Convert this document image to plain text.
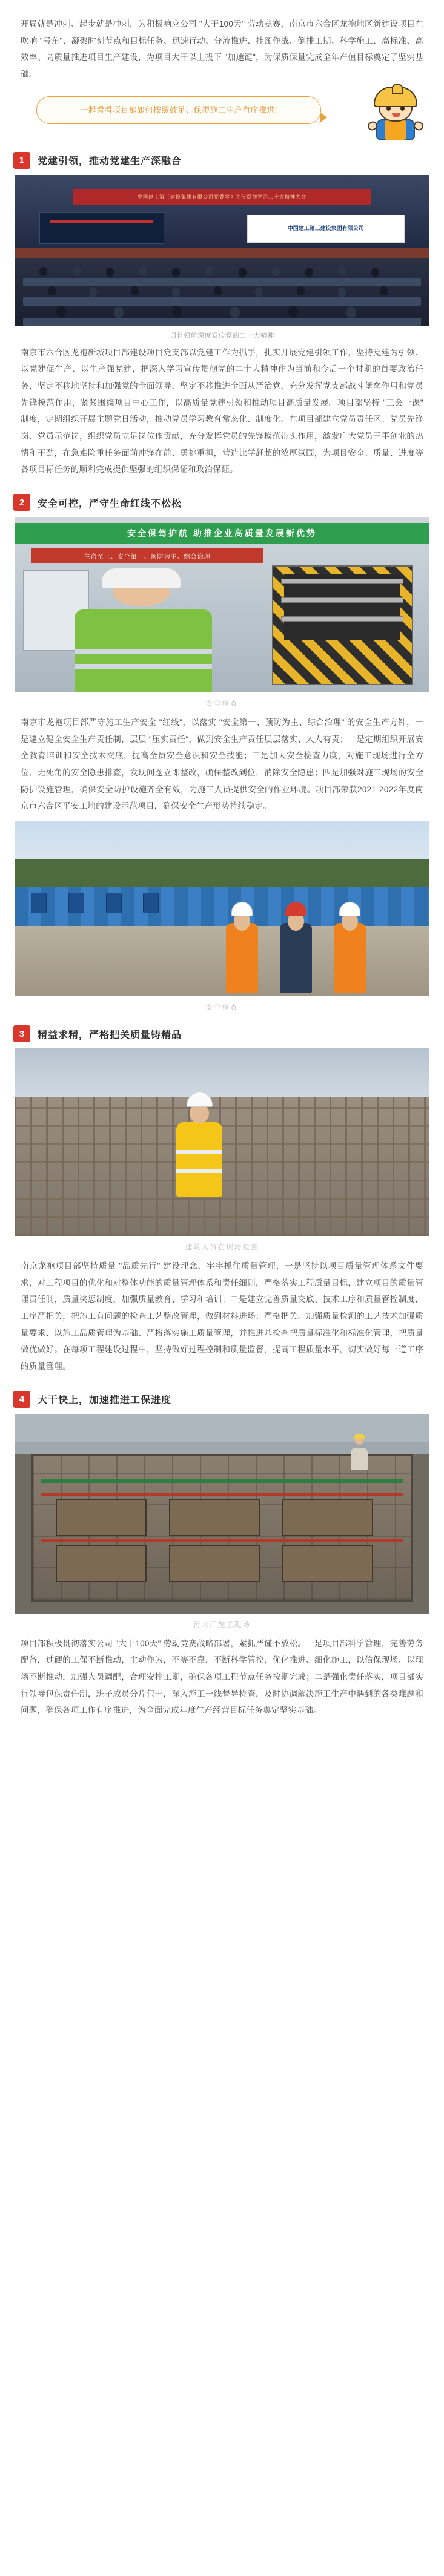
开局就是冲刺、起步就是冲刺，为积极响应公司 "大干100天" 劳动竞赛，南京市六合区龙袍地区新建设项目在吹响 "号角"、凝聚时刻节点和目标任务、迅速行动、分流推进、挂图作战、倒排工期、科学施工、高标准、高效率、高质量推进项目生产建设，为项目大干以上投下 "加速键"，为保质保量完成全年产值目标奠定了坚实基础。

一起看看项目部如何按照鼓足、保提施工生产有序推进!
1	党建引领，推动党建生产深融合
中国建工第三建设集团有限公司党委学习宣传贯彻党的二十大精神大会
中国建工第三建设集团有限公司
项目领航深度宣传党的二十大精神

南京市六合区龙袍新城项目部建设项目党支部以党建工作为抓手，扎实开展党建引领工作，坚持党建为引领、以党建促生产、以生产强党建，把深入学习宣传贯彻党的二十大精神作为当前和今后一个时期的首要政治任务，坚定不移地坚持和加强党的全面领导，坚定不移推进全面从严治党，充分发挥党支部战斗堡垒作用和党员先锋模范作用，紧紧围绕项目中心工作，以高质量党建引领和推动项目高质量发展。项目部坚持 "三会一课" 制度，定期组织开展主题党日活动，推动党员学习教育常态化、制度化。在项目部建立党员责任区、党员先锋岗、党员示范岗，组织党员立足岗位作贡献，充分发挥党员的先锋模范带头作用，激发广大党员干事创业的热情和干劲，在急难险重任务面前冲锋在前、勇挑重担，营造比学赶超的浓厚氛围，为项目安全、质量、进度等各项目标任务的顺利完成提供坚强的组织保证和政治保证。

2	安全可控，严守生命红线不松松
安全保驾护航 助推企业高质量发展新优势
生命至上、安全第一、预防为主、综合治理
安全检查

南京市龙袍项目部严守施工生产安全 "红线"，以落实 "安全第一、预防为主、综合治理" 的安全生产方针，一是建立健全安全生产责任制，层层 "压实责任"，做到安全生产责任层层落实、人人有责；二是定期组织开展安全教育培训和安全技术交底，提高全员安全意识和安全技能；三是加大安全检查力度，对施工现场进行全方位、无死角的安全隐患排查，发现问题立即整改，确保整改到位，消除安全隐患；四是加强对施工现场的安全防护设施管理，确保安全防护设施齐全有效，为施工人员提供安全的作业环境。项目部荣获2021-2022年度南京市六合区平安工地的建设示范项目，确保安全生产形势持续稳定。

安全检查
3	精益求精，严格把关质量铸精品
建筑人员在现场检查

南京龙袍项目部坚持质量 "品质先行" 建设理念，牢牢抓住质量管理，一是坚持以项目质量管理体系文件要求，对工程项目的优化和对整体功能的质量管理体系和责任细则，严格落实工程质量目标，建立项目的质量管理责任制，质量奖惩制度，加强质量教育、学习和培训；二是建立完善质量交底、技术工序和质量管控制度，工序严把关，把施工有问题的检查工艺整改管理，做到材料进场、严格把关。加强质量检测的工艺技术加强质量要求、以施工品质管理为基础、严格落实施工质量管理，并推进基检查把质量标准化和标准化管理，把质量做优做好。在每项工程建设过程中，坚持做好过程控制和质量监督，提高工程质量水平，切实做好每一道工序的质量管理。

4	大干快上，加速推进工保进度
污水厂施工现场

项目部积极贯彻落实公司 "大干100天" 劳动竞赛战略部署，紧抓严谨不放松。一是项目部科学管理，完善劳务配备，过硬的工保不断推动，主动作为，不等不靠，不断科学管控，优化推进、细化施工，以信保现场、以现场不断推动，加强人员调配，合理安排工期，确保各项工程节点任务按期完成；二是强化责任落实，项目部实行领导包保责任制，班子成员分片包干，深入施工一线督导检查，及时协调解决施工生产中遇到的各类难题和问题，确保各项工作有序推进，为全面完成年度生产经营目标任务奠定坚实基础。
